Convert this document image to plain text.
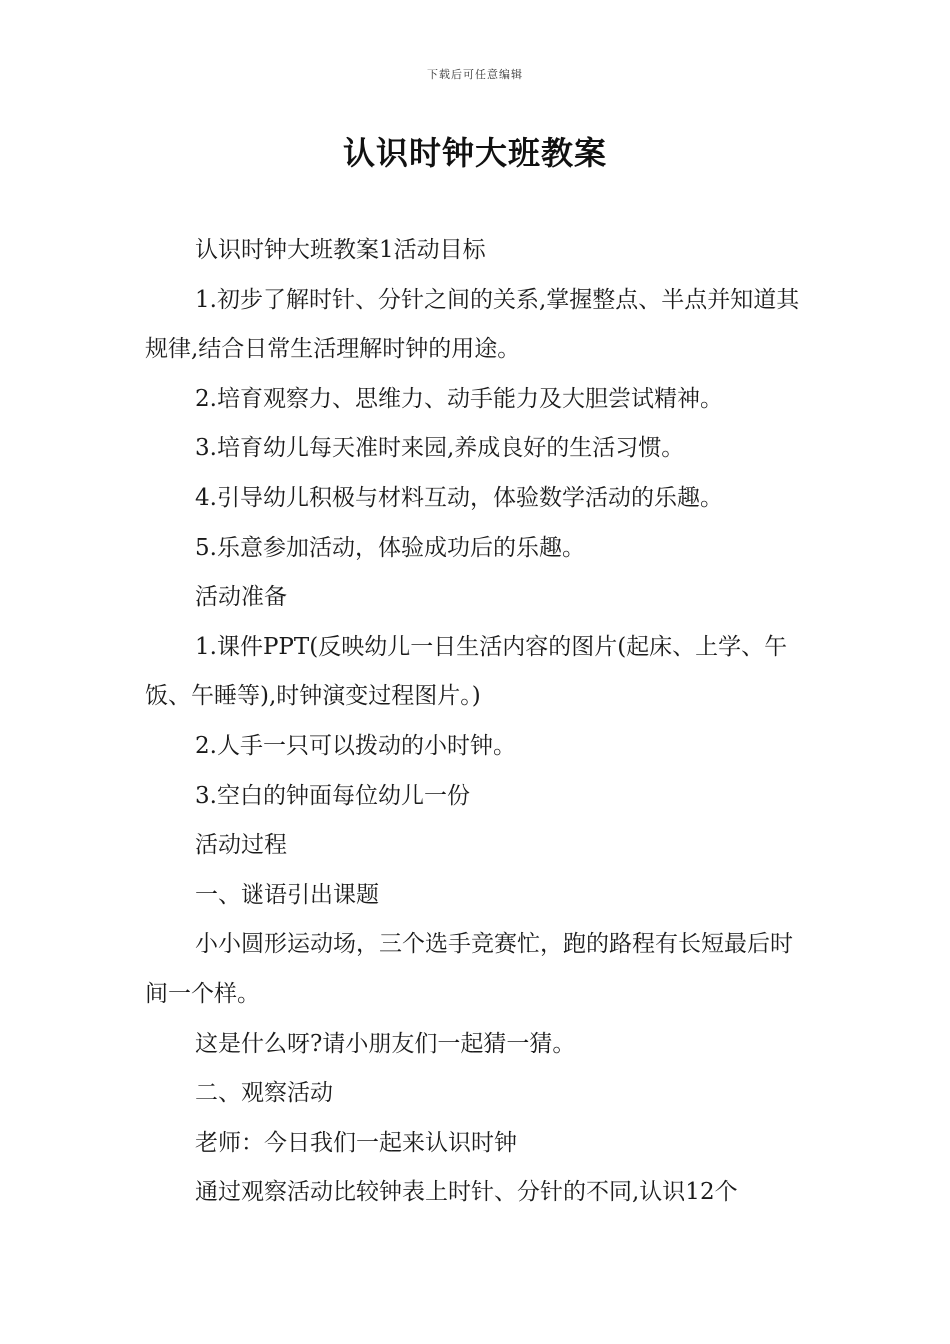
下载后可任意编辑
认识时钟大班教案

认识时钟大班教案1活动目标

1.初步了解时针、分针之间的关系,掌握整点、半点并知道其规律,结合日常生活理解时钟的用途。

2.培育观察力、思维力、动手能力及大胆尝试精神。

3.培育幼儿每天准时来园,养成良好的生活习惯。

4.引导幼儿积极与材料互动，体验数学活动的乐趣。

5.乐意参加活动，体验成功后的乐趣。

活动准备

1.课件PPT(反映幼儿一日生活内容的图片(起床、上学、午饭、午睡等),时钟演变过程图片。)

2.人手一只可以拨动的小时钟。

3.空白的钟面每位幼儿一份

活动过程

一、谜语引出课题

小小圆形运动场，三个选手竞赛忙，跑的路程有长短最后时间一个样。

这是什么呀?请小朋友们一起猜一猜。

二、观察活动

老师：今日我们一起来认识时钟

通过观察活动比较钟表上时针、分针的不同,认识12个
